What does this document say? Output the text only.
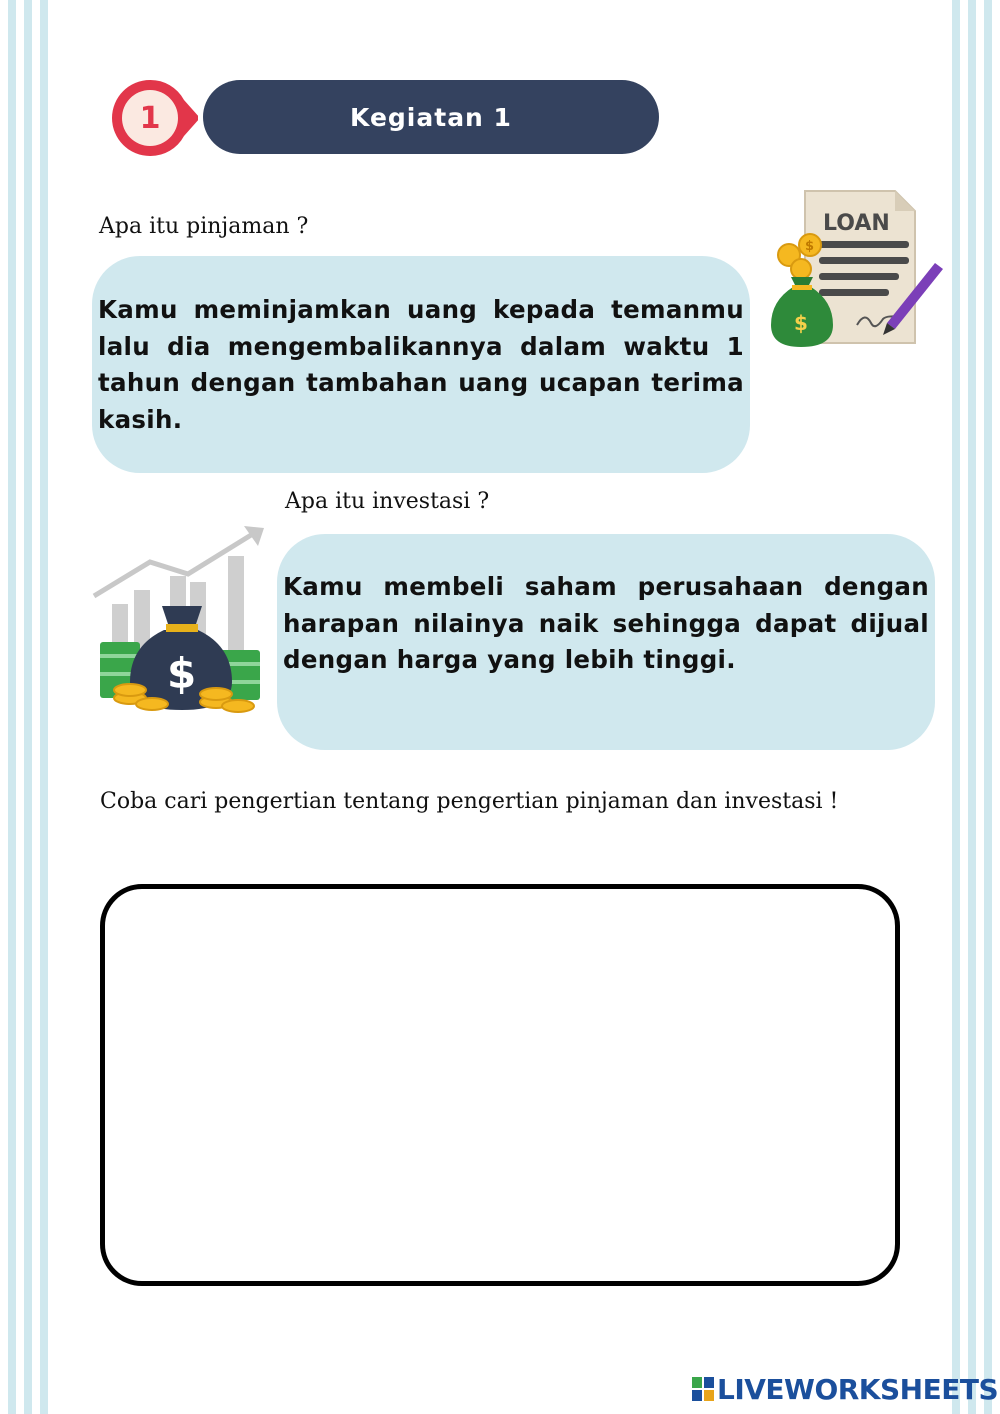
1	Kegiatan 1
Apa itu pinjaman ?
Kamu meminjamkan uang kepada temanmu lalu dia mengembalikannya dalam waktu 1 tahun dengan tambahan uang ucapan terima kasih.
LOAN
$
$
Apa itu investasi ?
Kamu membeli saham perusahaan dengan harapan nilainya naik sehingga dapat dijual dengan harga yang lebih tinggi.
$
Coba cari pengertian tentang pengertian pinjaman dan investasi !
LIVEWORKSHEETS
